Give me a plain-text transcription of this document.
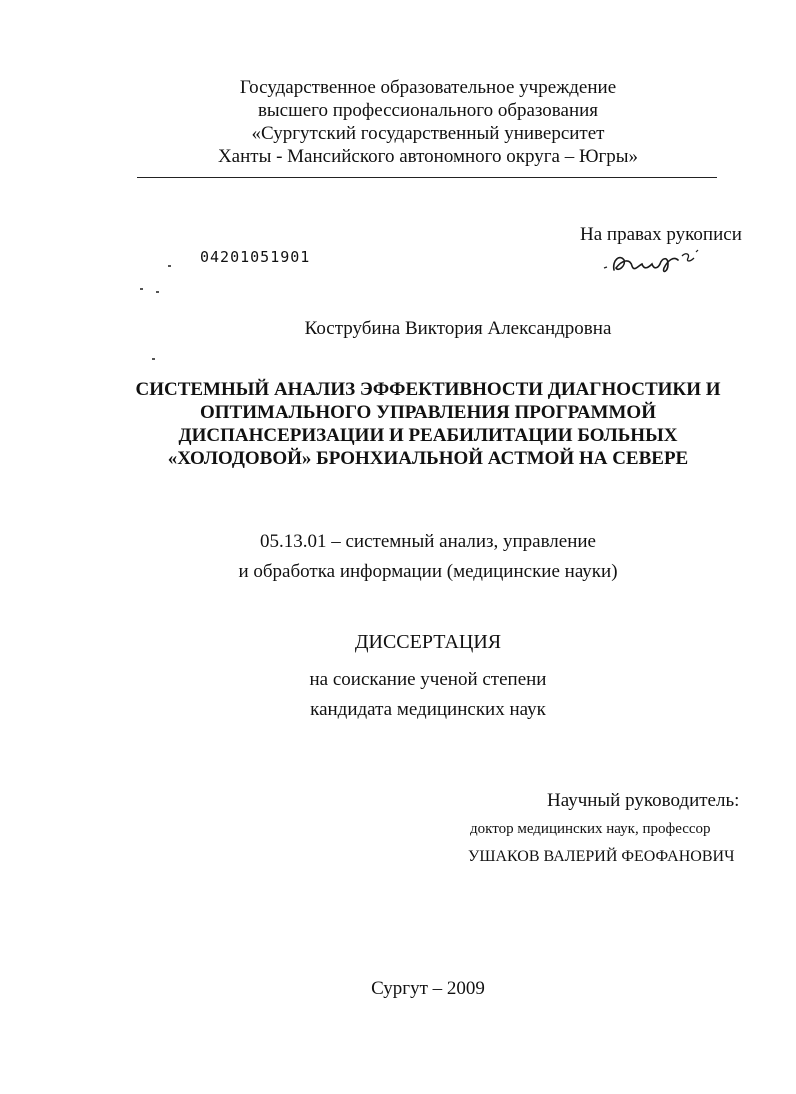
Государственное образовательное учреждение
высшего профессионального образования
«Сургутский государственный университет
Ханты - Мансийского автономного округа – Югры»
На правах рукописи
04201051901
Кострубина Виктория Александровна
СИСТЕМНЫЙ АНАЛИЗ ЭФФЕКТИВНОСТИ ДИАГНОСТИКИ И
ОПТИМАЛЬНОГО УПРАВЛЕНИЯ ПРОГРАММОЙ
ДИСПАНСЕРИЗАЦИИ И РЕАБИЛИТАЦИИ БОЛЬНЫХ
«ХОЛОДОВОЙ» БРОНХИАЛЬНОЙ АСТМОЙ НА СЕВЕРЕ
05.13.01 – системный анализ, управление
и обработка информации (медицинские науки)
ДИССЕРТАЦИЯ
на соискание ученой степени
кандидата медицинских наук
Научный руководитель:
доктор медицинских наук, профессор
УШАКОВ ВАЛЕРИЙ ФЕОФАНОВИЧ
Сургут – 2009
